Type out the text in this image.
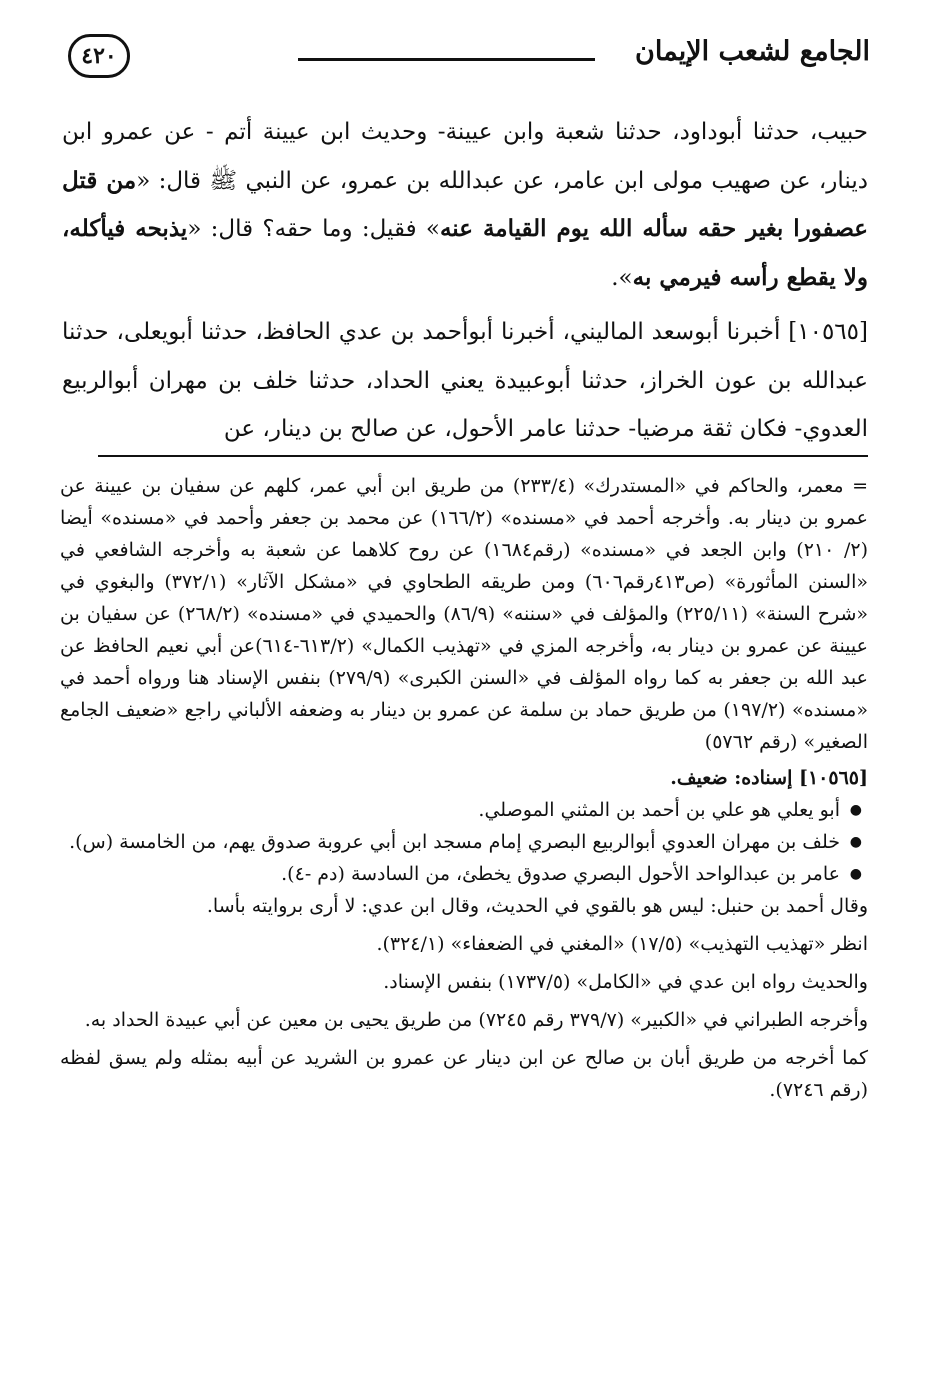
الجامع لشعب الإيمان
٤٢٠

حبيب، حدثنا أبوداود، حدثنا شعبة وابن عيينة- وحديث ابن عيينة أتم - عن عمرو ابن دينار، عن صهيب مولى ابن عامر، عن عبدالله بن عمرو، عن النبي ﷺ قال: «من قتل عصفورا بغير حقه سأله الله يوم القيامة عنه» فقيل: وما حقه؟ قال: «يذبحه فيأكله، ولا يقطع رأسه فيرمي به».

[١٠٥٦٥] أخبرنا أبوسعد الماليني، أخبرنا أبوأحمد بن عدي الحافظ، حدثنا أبويعلى، حدثنا عبدالله بن عون الخراز، حدثنا أبوعبيدة يعني الحداد، حدثنا خلف بن مهران أبوالربيع العدوي- فكان ثقة مرضيا- حدثنا عامر الأحول، عن صالح بن دينار، عن

= معمر، والحاكم في «المستدرك» (٢٣٣/٤) من طريق ابن أبي عمر، كلهم عن سفيان بن عيينة عن عمرو بن دينار به. وأخرجه أحمد في «مسنده» (١٦٦/٢) عن محمد بن جعفر وأحمد في «مسنده» أيضا (٢/ ٢١٠) وابن الجعد في «مسنده» (رقم١٦٨٤) عن روح كلاهما عن شعبة به وأخرجه الشافعي في «السنن المأثورة» (ص٤١٣رقم٦٠٦) ومن طريقه الطحاوي في «مشكل الآثار» (٣٧٢/١) والبغوي في «شرح السنة» (٢٢٥/١١) والمؤلف في «سننه» (٨٦/٩) والحميدي في «مسنده» (٢٦٨/٢) عن سفيان بن عيينة عن عمرو بن دينار به، وأخرجه المزي في «تهذيب الكمال» (٦١٣/٢-٦١٤)عن أبي نعيم الحافظ عن عبد الله بن جعفر به كما رواه المؤلف في «السنن الكبرى» (٢٧٩/٩) بنفس الإسناد هنا ورواه أحمد في «مسنده» (١٩٧/٢) من طريق حماد بن سلمة عن عمرو بن دينار به وضعفه الألباني راجع «ضعيف الجامع الصغير» (رقم ٥٧٦٢)

[١٠٥٦٥] إسناده: ضعيف.

● أبو يعلي هو علي بن أحمد بن المثني الموصلي.
● خلف بن مهران العدوي أبوالربيع البصري إمام مسجد ابن أبي عروبة صدوق يهم، من الخامسة (س).
● عامر بن عبدالواحد الأحول البصري صدوق يخطئ، من السادسة (دم -٤).

وقال أحمد بن حنبل: ليس هو بالقوي في الحديث، وقال ابن عدي: لا أرى بروايته بأسا.

انظر «تهذيب التهذيب» (١٧/٥) «المغني في الضعفاء» (٣٢٤/١).

والحديث رواه ابن عدي في «الكامل» (١٧٣٧/٥) بنفس الإسناد.

وأخرجه الطبراني في «الكبير» (٣٧٩/٧ رقم ٧٢٤٥) من طريق يحيى بن معين عن أبي عبيدة الحداد به.

كما أخرجه من طريق أبان بن صالح عن ابن دينار عن عمرو بن الشريد عن أبيه بمثله ولم يسق لفظه (رقم ٧٢٤٦).
